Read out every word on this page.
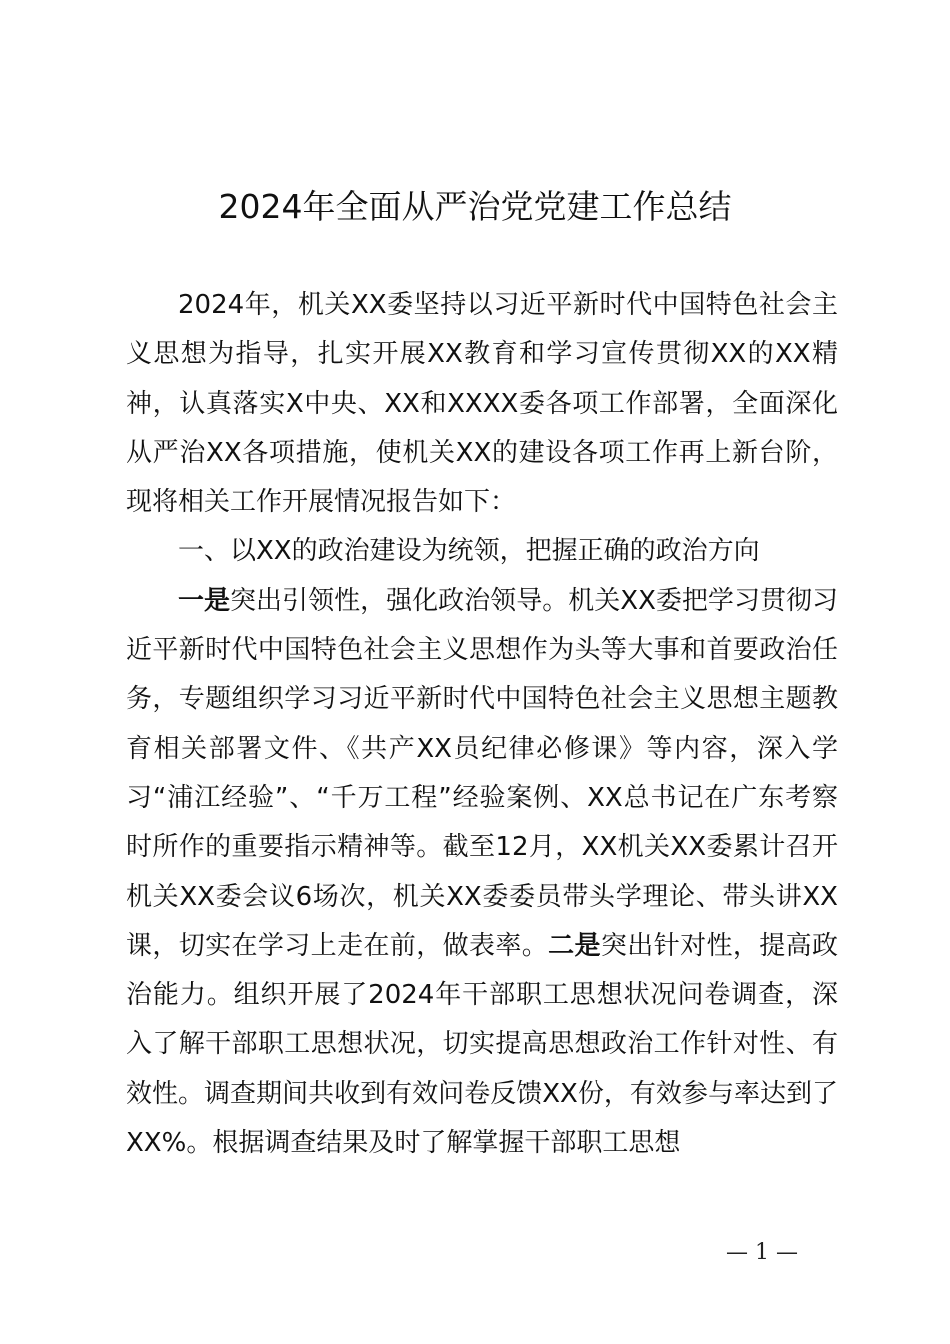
2024年全面从严治党党建工作总结

2024年，机关XX委坚持以习近平新时代中国特色社会主义思想为指导，扎实开展XX教育和学习宣传贯彻XX的XX精神，认真落实X中央、XX和XXXX委各项工作部署，全面深化从严治XX各项措施，使机关XX的建设各项工作再上新台阶，现将相关工作开展情况报告如下：

一、以XX的政治建设为统领，把握正确的政治方向

一是突出引领性，强化政治领导。机关XX委把学习贯彻习近平新时代中国特色社会主义思想作为头等大事和首要政治任务，专题组织学习习近平新时代中国特色社会主义思想主题教育相关部署文件、《共产XX员纪律必修课》等内容，深入学习“浦江经验”、“千万工程”经验案例、XX总书记在广东考察时所作的重要指示精神等。截至12月，XX机关XX委累计召开机关XX委会议6场次，机关XX委委员带头学理论、带头讲XX课，切实在学习上走在前，做表率。二是突出针对性，提高政治能力。组织开展了2024年干部职工思想状况问卷调查，深入了解干部职工思想状况，切实提高思想政治工作针对性、有效性。调查期间共收到有效问卷反馈XX份，有效参与率达到了XX%。根据调查结果及时了解掌握干部职工思想

— 1 —
